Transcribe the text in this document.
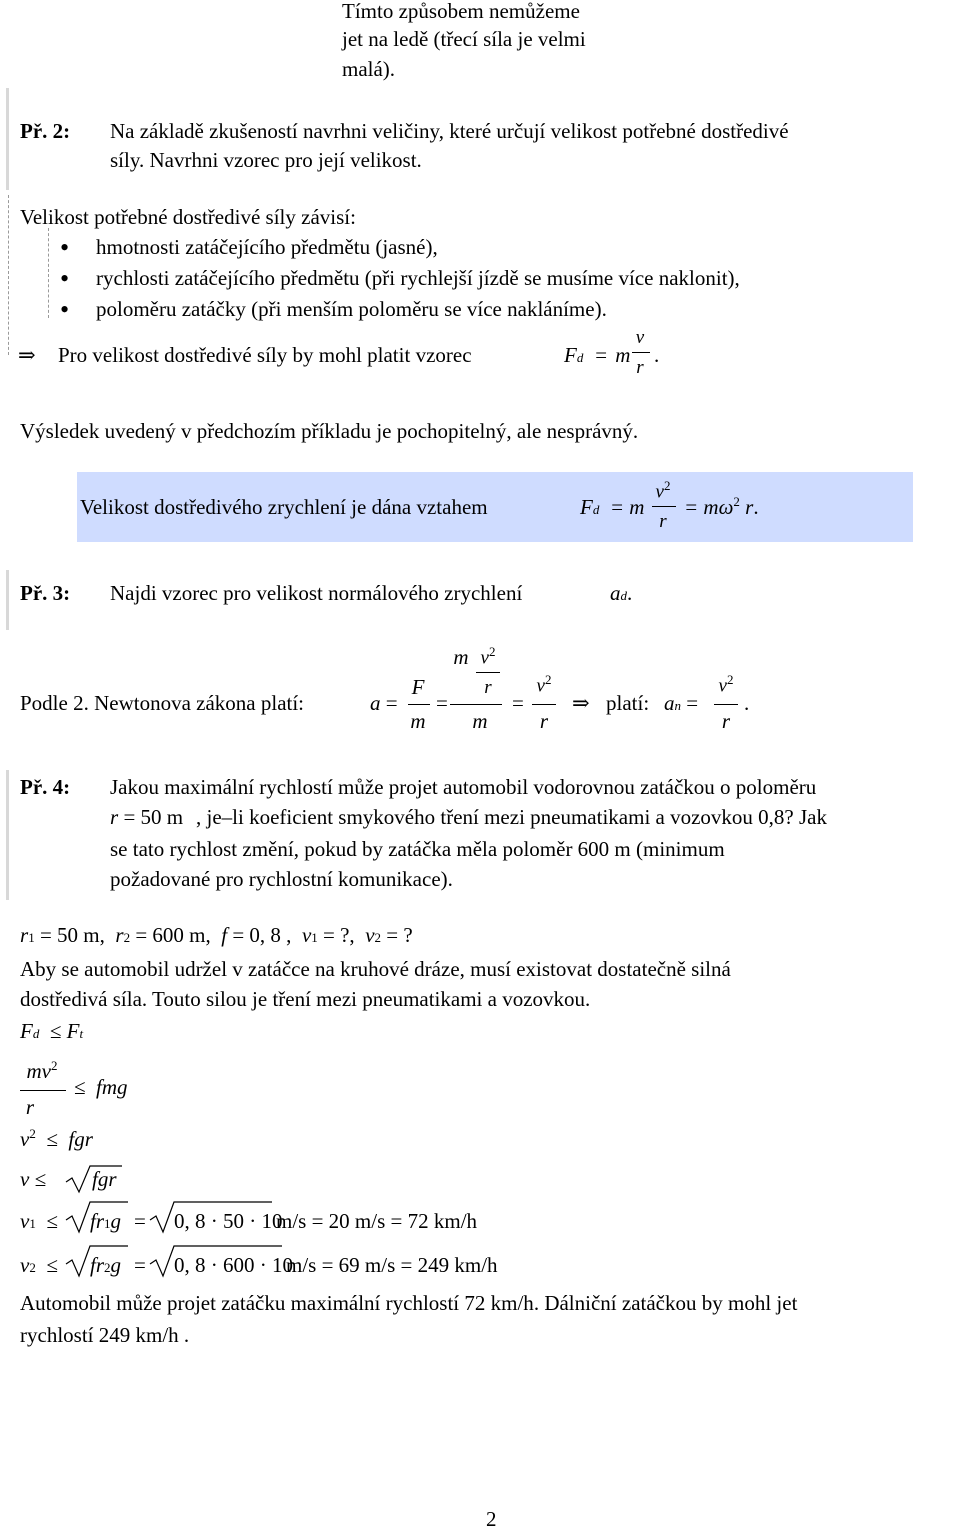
Tímto způsobem nemůžeme
jet na ledě (třecí síla je velmi
malá).
Př. 2: Na základě zkušeností navrhni veličiny, které určují velikost potřebné dostředivé
síly. Navrhni vzorec pro její velikost.
Velikost potřebné dostředivé síly závisí:
• hmotnosti zatáčejícího předmětu (jasné),
• rychlosti zatáčejícího předmětu (při rychlejší jízdě se musíme více naklonit),
• poloměru zatáčky (při menším poloměru se více nakláníme).
⇒ Pro velikost dostředivé síly by mohl platit vzorec	Fd  = m
v
r
.
Výsledek uvedený v předchozím příkladu je pochopitelný, ale nesprávný.
Velikost dostředivého zrychlení je dána vztahem	Fd  = m
$v^2$
r
= $m\omega^2$ r.
Př. 3: Najdi vzorec pro velikost normálového zrychlení	ad.
Podle 2. Newtonova zákona platí:	a =
F
m
=
m $v^2$
r
m
=
$v^2$
r
⇒ platí: an =
$v^2$
r
.
Př. 4: Jakou maximální rychlostí může projet automobil vodorovnou zatáčkou o poloměru
r = 50 m , je–li koeficient smykového tření mezi pneumatikami a vozovkou 0,8? Jak
se tato rychlost změní, pokud by zatáčka měla poloměr 600 m (minimum
požadované pro rychlostní komunikace).
r1 = 50 m,  r2 = 600 m,  f = 0, 8 ,  v1 = ?,  v2 = ?
Aby se automobil udržel v zatáčce na kruhové dráze, musí existovat dostatečně silná
dostředivá síla. Touto silou je tření mezi pneumatikami a vozovkou.
Fd ≤ Ft
$mv^2$
r
≤  fmg
$v^2$ ≤  fgr
v ≤ fgr
v1 ≤ fr1g = 0, 8 · 50 · 10
m/s = 20 m/s = 72 km/h
v2 ≤ fr2g = 0, 8 · 600 · 10
m/s = 69 m/s = 249 km/h
Automobil může projet zatáčku maximální rychlostí 72 km/h. Dálniční zatáčkou by mohl jet
rychlostí 249 km/h .
2
